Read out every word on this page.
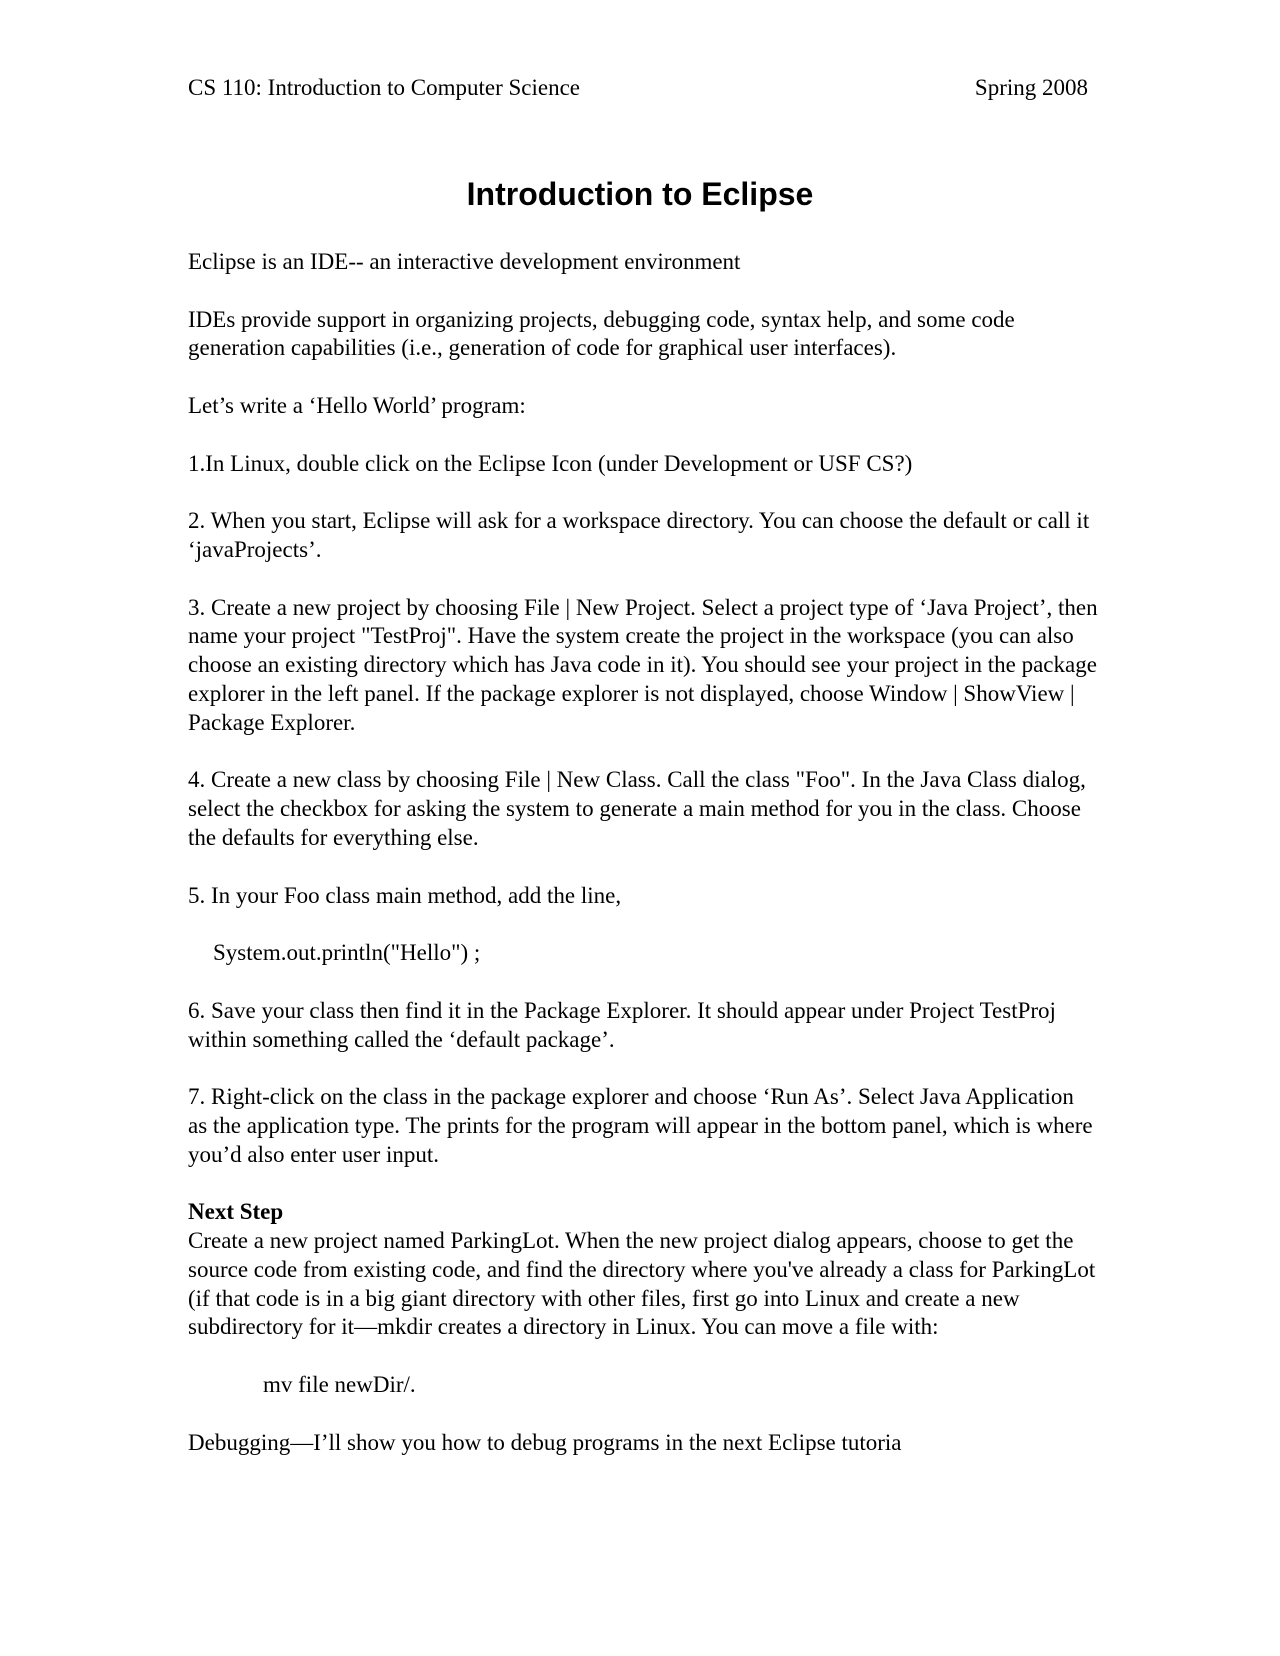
CS 110: Introduction to Computer Science	Spring 2008
Introduction to Eclipse

Eclipse is an IDE-- an interactive development environment

IDEs provide support in organizing projects, debugging code, syntax help, and some code generation capabilities (i.e., generation of code for graphical user interfaces).

Let’s write a ‘Hello World’ program:

1.In Linux, double click on the Eclipse Icon (under Development or USF CS?)

2. When you start, Eclipse will ask for a workspace directory. You can choose the default or call it ‘javaProjects’.

3. Create a new project by choosing File | New Project. Select a project type of ‘Java Project’, then name your project "TestProj". Have the system create the project in the workspace (you can also choose an existing directory which has Java code in it). You should see your project in the package explorer in the left panel. If the package explorer is not displayed, choose Window | ShowView | Package Explorer.

4. Create a new class by choosing File | New Class. Call the class "Foo". In the Java Class dialog, select the checkbox for asking the system to generate a main method for you in the class. Choose the defaults for everything else.

5. In your Foo class main method, add the line,

System.out.println("Hello") ;

6. Save your class then find it in the Package Explorer. It should appear under Project TestProj within something called the ‘default package’.

7. Right-click on the class in the package explorer and choose ‘Run As’. Select Java Application as the application type. The prints for the program will appear in the bottom panel, which is where you’d also enter user input.

Next Step
Create a new project named ParkingLot. When the new project dialog appears, choose to get the source code from existing code, and find the directory where you've already a class for ParkingLot (if that code is in a big giant directory with other files, first go into Linux and create a new subdirectory for it—mkdir creates a directory in Linux. You can move a file with:

mv file newDir/.

Debugging—I’ll show you how to debug programs in the next Eclipse tutoria
